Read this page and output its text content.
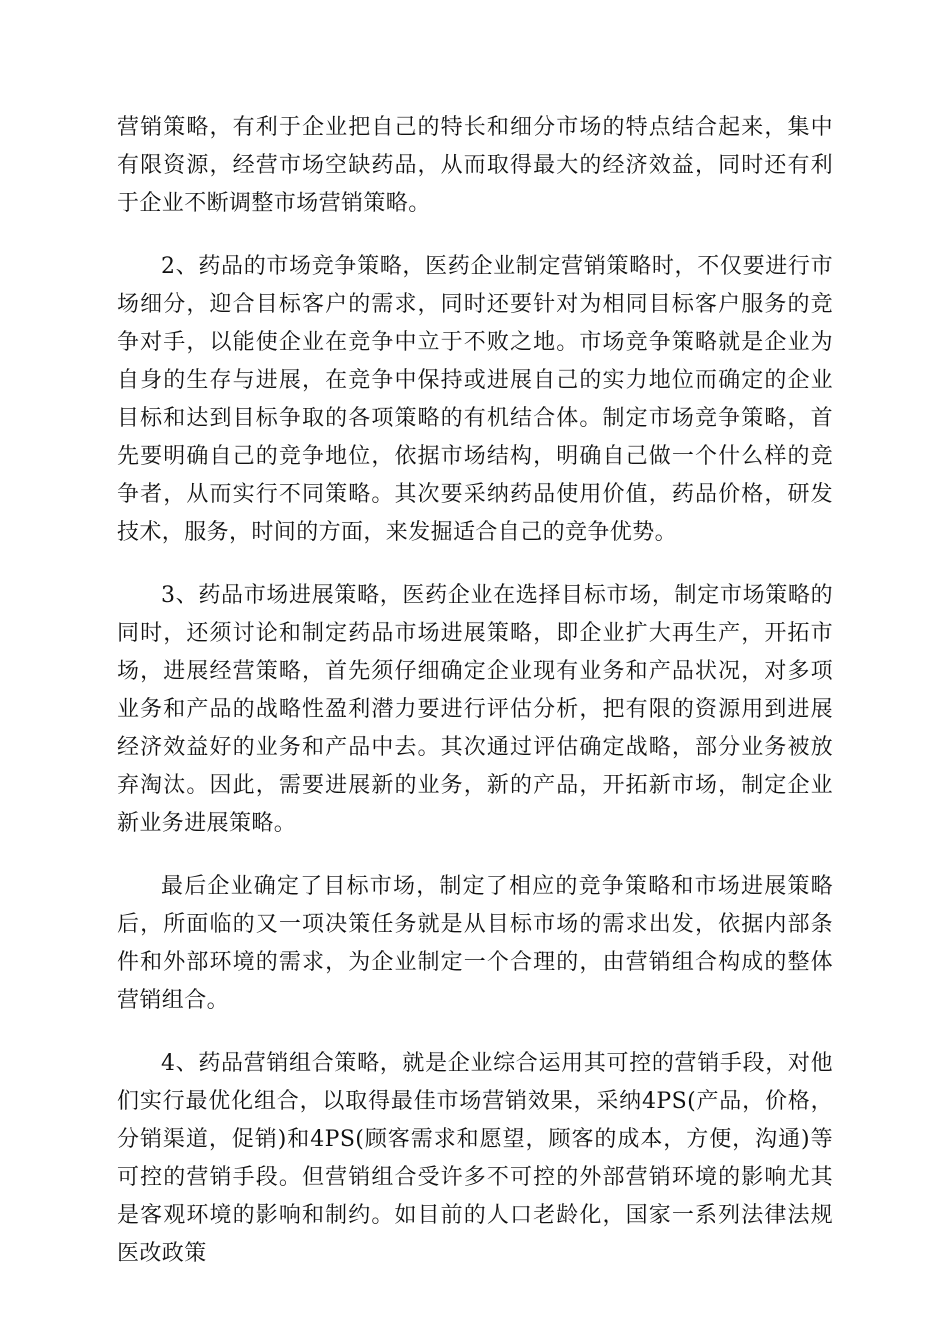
营销策略，有利于企业把自己的特长和细分市场的特点结合起来，集中有限资源，经营市场空缺药品，从而取得最大的经济效益，同时还有利于企业不断调整市场营销策略。

2、药品的市场竞争策略，医药企业制定营销策略时，不仅要进行市场细分，迎合目标客户的需求，同时还要针对为相同目标客户服务的竞争对手，以能使企业在竞争中立于不败之地。市场竞争策略就是企业为自身的生存与进展，在竞争中保持或进展自己的实力地位而确定的企业目标和达到目标争取的各项策略的有机结合体。制定市场竞争策略，首先要明确自己的竞争地位，依据市场结构，明确自己做一个什么样的竞争者，从而实行不同策略。其次要采纳药品使用价值，药品价格，研发技术，服务，时间的方面，来发掘适合自己的竞争优势。

3、药品市场进展策略，医药企业在选择目标市场，制定市场策略的同时，还须讨论和制定药品市场进展策略，即企业扩大再生产，开拓市场，进展经营策略，首先须仔细确定企业现有业务和产品状况，对多项业务和产品的战略性盈利潜力要进行评估分析，把有限的资源用到进展经济效益好的业务和产品中去。其次通过评估确定战略，部分业务被放弃淘汰。因此，需要进展新的业务，新的产品，开拓新市场，制定企业新业务进展策略。

最后企业确定了目标市场，制定了相应的竞争策略和市场进展策略后，所面临的又一项决策任务就是从目标市场的需求出发，依据内部条件和外部环境的需求，为企业制定一个合理的，由营销组合构成的整体营销组合。

4、药品营销组合策略，就是企业综合运用其可控的营销手段，对他们实行最优化组合，以取得最佳市场营销效果，采纳4PS(产品，价格，分销渠道，促销)和4PS(顾客需求和愿望，顾客的成本，方便，沟通)等可控的营销手段。但营销组合受许多不可控的外部营销环境的影响尤其是客观环境的影响和制约。如目前的人口老龄化，国家一系列法律法规医改政策
